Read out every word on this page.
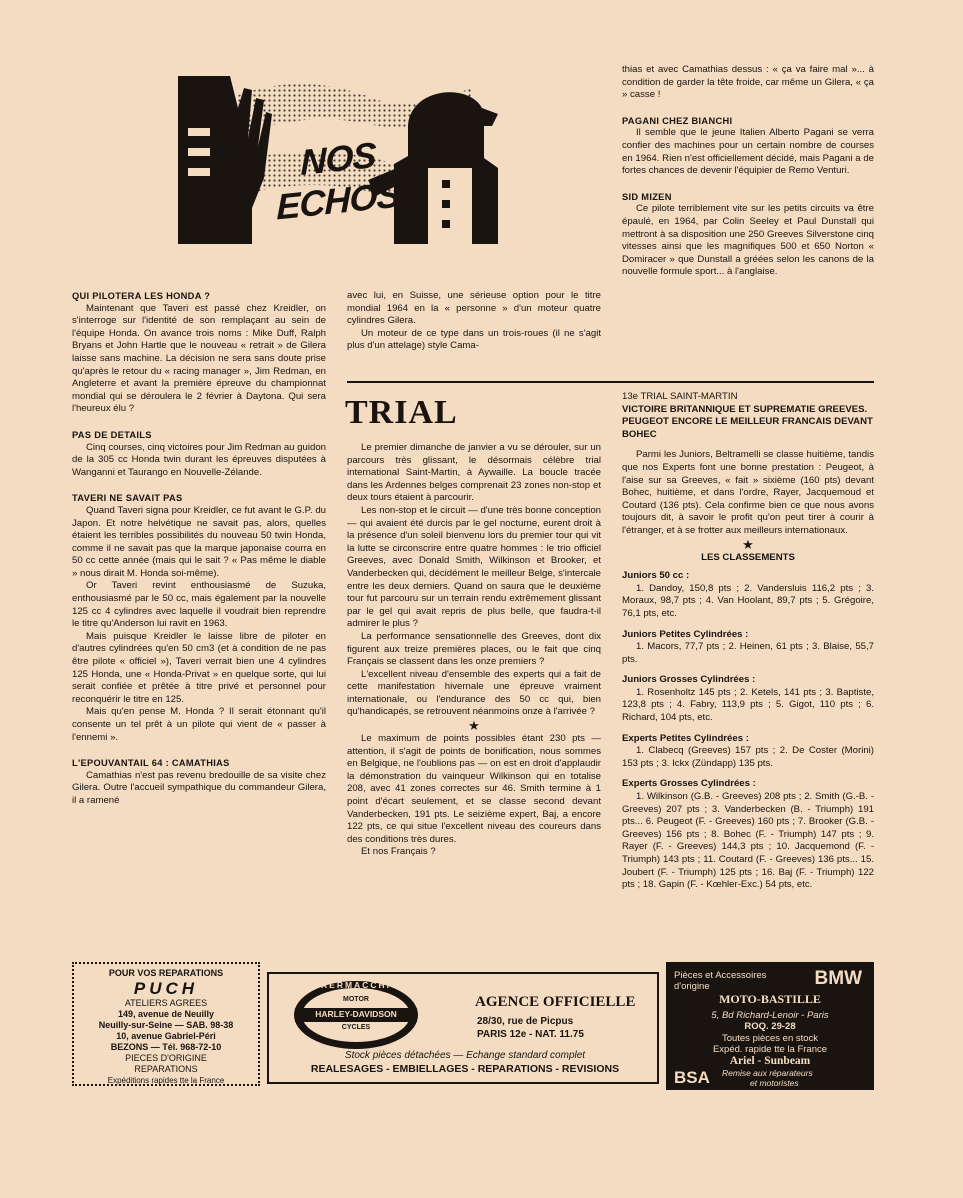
NOS ECHOS

QUI PILOTERA LES HONDA ?

Maintenant que Taveri est passé chez Kreidler, on s'interroge sur l'identité de son remplaçant au sein de l'équipe Honda. On avance trois noms : Mike Duff, Ralph Bryans et John Hartle que le nouveau « retrait » de Gilera laisse sans machine. La décision ne sera sans doute prise qu'après le retour du « racing manager », Jim Redman, en Angleterre et avant la première épreuve du championnat mondial qui se déroulera le 2 février à Daytona. Qui sera l'heureux élu ?

PAS DE DETAILS

Cinq courses, cinq victoires pour Jim Redman au guidon de la 305 cc Honda twin durant les épreuves disputées à Wanganni et Taurango en Nouvelle-Zélande.

TAVERI NE SAVAIT PAS

Quand Taveri signa pour Kreidler, ce fut avant le G.P. du Japon. Et notre helvétique ne savait pas, alors, quelles étaient les terribles possibilités du nouveau 50 twin Honda, comme il ne savait pas que la marque japonaise courra en 50 cc cette année (mais qui le sait ? « Pas même le diable » nous dirait M. Honda soi-même).

Or Taveri revint enthousiasmé de Suzuka, enthousiasmé par le 50 cc, mais également par la nouvelle 125 cc 4 cylindres avec laquelle il voudrait bien reprendre le titre qu'Anderson lui ravit en 1963.

Mais puisque Kreidler le laisse libre de piloter en d'autres cylindrées qu'en 50 cm3 (et à condition de ne pas être pilote « officiel »), Taveri verrait bien une 4 cylindres 125 Honda, une « Honda-Privat » en quelque sorte, qui lui serait confiée et prêtée à titre privé et personnel pour reconquérir le titre en 125.

Mais qu'en pense M. Honda ? Il serait étonnant qu'il consente un tel prêt à un pilote qui vient de « passer à l'ennemi ».

L'EPOUVANTAIL 64 : CAMATHIAS

Camathias n'est pas revenu bredouille de sa visite chez Gilera. Outre l'accueil sympathique du commandeur Gilera, il a ramené

avec lui, en Suisse, une sérieuse option pour le titre mondial 1964 en la « personne » d'un moteur quatre cylindres Gilera.

Un moteur de ce type dans un trois-roues (il ne s'agit plus d'un attelage) style Cama-

thias et avec Camathias dessus : « ça va faire mal »... à condition de garder la tête froide, car même un Gilera, « ça » casse !

PAGANI CHEZ BIANCHI

Il semble que le jeune Italien Alberto Pagani se verra confier des machines pour un certain nombre de courses en 1964. Rien n'est officiellement décidé, mais Pagani a de fortes chances de devenir l'équipier de Remo Venturi.

SID MIZEN

Ce pilote terriblement vite sur les petits circuits va être épaulé, en 1964, par Colin Seeley et Paul Dunstall qui mettront à sa disposition une 250 Greeves Silverstone cinq vitesses ainsi que les magnifiques 500 et 650 Norton « Domiracer » que Dunstall a gréées selon les canons de la nouvelle formule sport... à l'anglaise.

TRIAL

Le premier dimanche de janvier a vu se dérouler, sur un parcours très glissant, le désormais célèbre trial international Saint-Martin, à Aywaille. La boucle tracée dans les Ardennes belges comprenait 23 zones non-stop et deux tours étaient à parcourir.

Les non-stop et le circuit — d'une très bonne conception — qui avaient été durcis par le gel nocturne, eurent droit à la présence d'un soleil bienvenu lors du premier tour qui vit la lutte se circonscrire entre quatre hommes : le trio officiel Greeves, avec Donald Smith, Wilkinson et Brooker, et Vanderbecken qui, décidément le meilleur Belge, s'intercale entre les deux derniers. Quand on saura que le deuxième tour fut parcouru sur un terrain rendu extrêmement glissant par le gel qui avait repris de plus belle, que faudra-t-il admirer le plus ?

La performance sensationnelle des Greeves, dont dix figurent aux treize premières places, ou le fait que cinq Français se classent dans les onze premiers ?

L'excellent niveau d'ensemble des experts qui a fait de cette manifestation hivernale une épreuve vraiment internationale, ou l'endurance des 50 cc qui, bien qu'handicapés, se retrouvent néanmoins onze à l'arrivée ?

★

Le maximum de points possibles étant 230 pts — attention, il s'agit de points de bonification, nous sommes en Belgique, ne l'oublions pas — on est en droit d'applaudir la démonstration du vainqueur Wilkinson qui en totalise 208, avec 41 zones correctes sur 46. Smith termine à 1 point d'écart seulement, et se classe second devant Vanderbecken, 191 pts. Le seizième expert, Baj, a encore 122 pts, ce qui situe l'excellent niveau des coureurs dans des conditions très dures.

Et nos Français ?

13e TRIAL SAINT-MARTIN

VICTOIRE BRITANNIQUE ET SUPREMATIE GREEVES. PEUGEOT ENCORE LE MEILLEUR FRANCAIS DEVANT BOHEC

Parmi les Juniors, Beltramelli se classe huitième, tandis que nos Experts font une bonne prestation : Peugeot, à l'aise sur sa Greeves, « fait » sixième (160 pts) devant Bohec, huitième, et dans l'ordre, Rayer, Jacquemoud et Coutard (136 pts). Cela confirme bien ce que nous avons toujours dit, à savoir le profit qu'on peut tirer à courir à l'étranger, et à se frotter aux meilleurs internationaux.

★

LES CLASSEMENTS

Juniors 50 cc :

1. Dandoy, 150,8 pts ; 2. Vandersluis 116,2 pts ; 3. Moraux, 98,7 pts ; 4. Van Hoolant, 89,7 pts ; 5. Grégoire, 76,1 pts, etc.

Juniors Petites Cylindrées :

1. Macors, 77,7 pts ; 2. Heinen, 61 pts ; 3. Blaise, 55,7 pts.

Juniors Grosses Cylindrées :

1. Rosenholtz 145 pts ; 2. Ketels, 141 pts ; 3. Baptiste, 123,8 pts ; 4. Fabry, 113,9 pts ; 5. Gigot, 110 pts ; 6. Richard, 104 pts, etc.

Experts Petites Cylindrées :

1. Clabecq (Greeves) 157 pts ; 2. De Coster (Morini) 153 pts ; 3. Ickx (Zündapp) 135 pts.

Experts Grosses Cylindrées :

1. Wilkinson (G.B. - Greeves) 208 pts ; 2. Smith (G.-B. - Greeves) 207 pts ; 3. Vanderbecken (B. - Triumph) 191 pts... 6. Peugeot (F. - Greeves) 160 pts ; 7. Brooker (G.B. - Greeves) 156 pts ; 8. Bohec (F. - Triumph) 147 pts ; 9. Rayer (F. - Greeves) 144,3 pts ; 10. Jacquemond (F. - Triumph) 143 pts ; 11. Coutard (F. - Greeves) 136 pts... 15. Joubert (F. - Triumph) 125 pts ; 16. Baj (F. - Triumph) 122 pts ; 18. Gapin (F. - Kœhler-Exc.) 54 pts, etc.

POUR VOS REPARATIONS
PUCH
ATELIERS AGREES
149, avenue de Neuilly
Neuilly-sur-Seine — SAB. 98-38
10, avenue Gabriel-Péri
BEZONS — Tél. 968-72-10
PIECES D'ORIGINE
REPARATIONS
Expéditions rapides tte la France
AERMACCHI
MOTOR
HARLEY-DAVIDSON
CYCLES
AGENCE OFFICIELLE
28/30, rue de Picpus
PARIS 12e - NAT. 11.75
Stock pièces détachées — Echange standard complet
REALESAGES - EMBIELLAGES - REPARATIONS - REVISIONS
Pièces et Accessoires
d'origine	BMW
MOTO-BASTILLE
5, Bd Richard-Lenoir - Paris
ROQ. 29-28
Toutes pièces en stock
Expéd. rapide tte la France
Ariel - Sunbeam
BSA Remise aux réparateurs
et motoristes
